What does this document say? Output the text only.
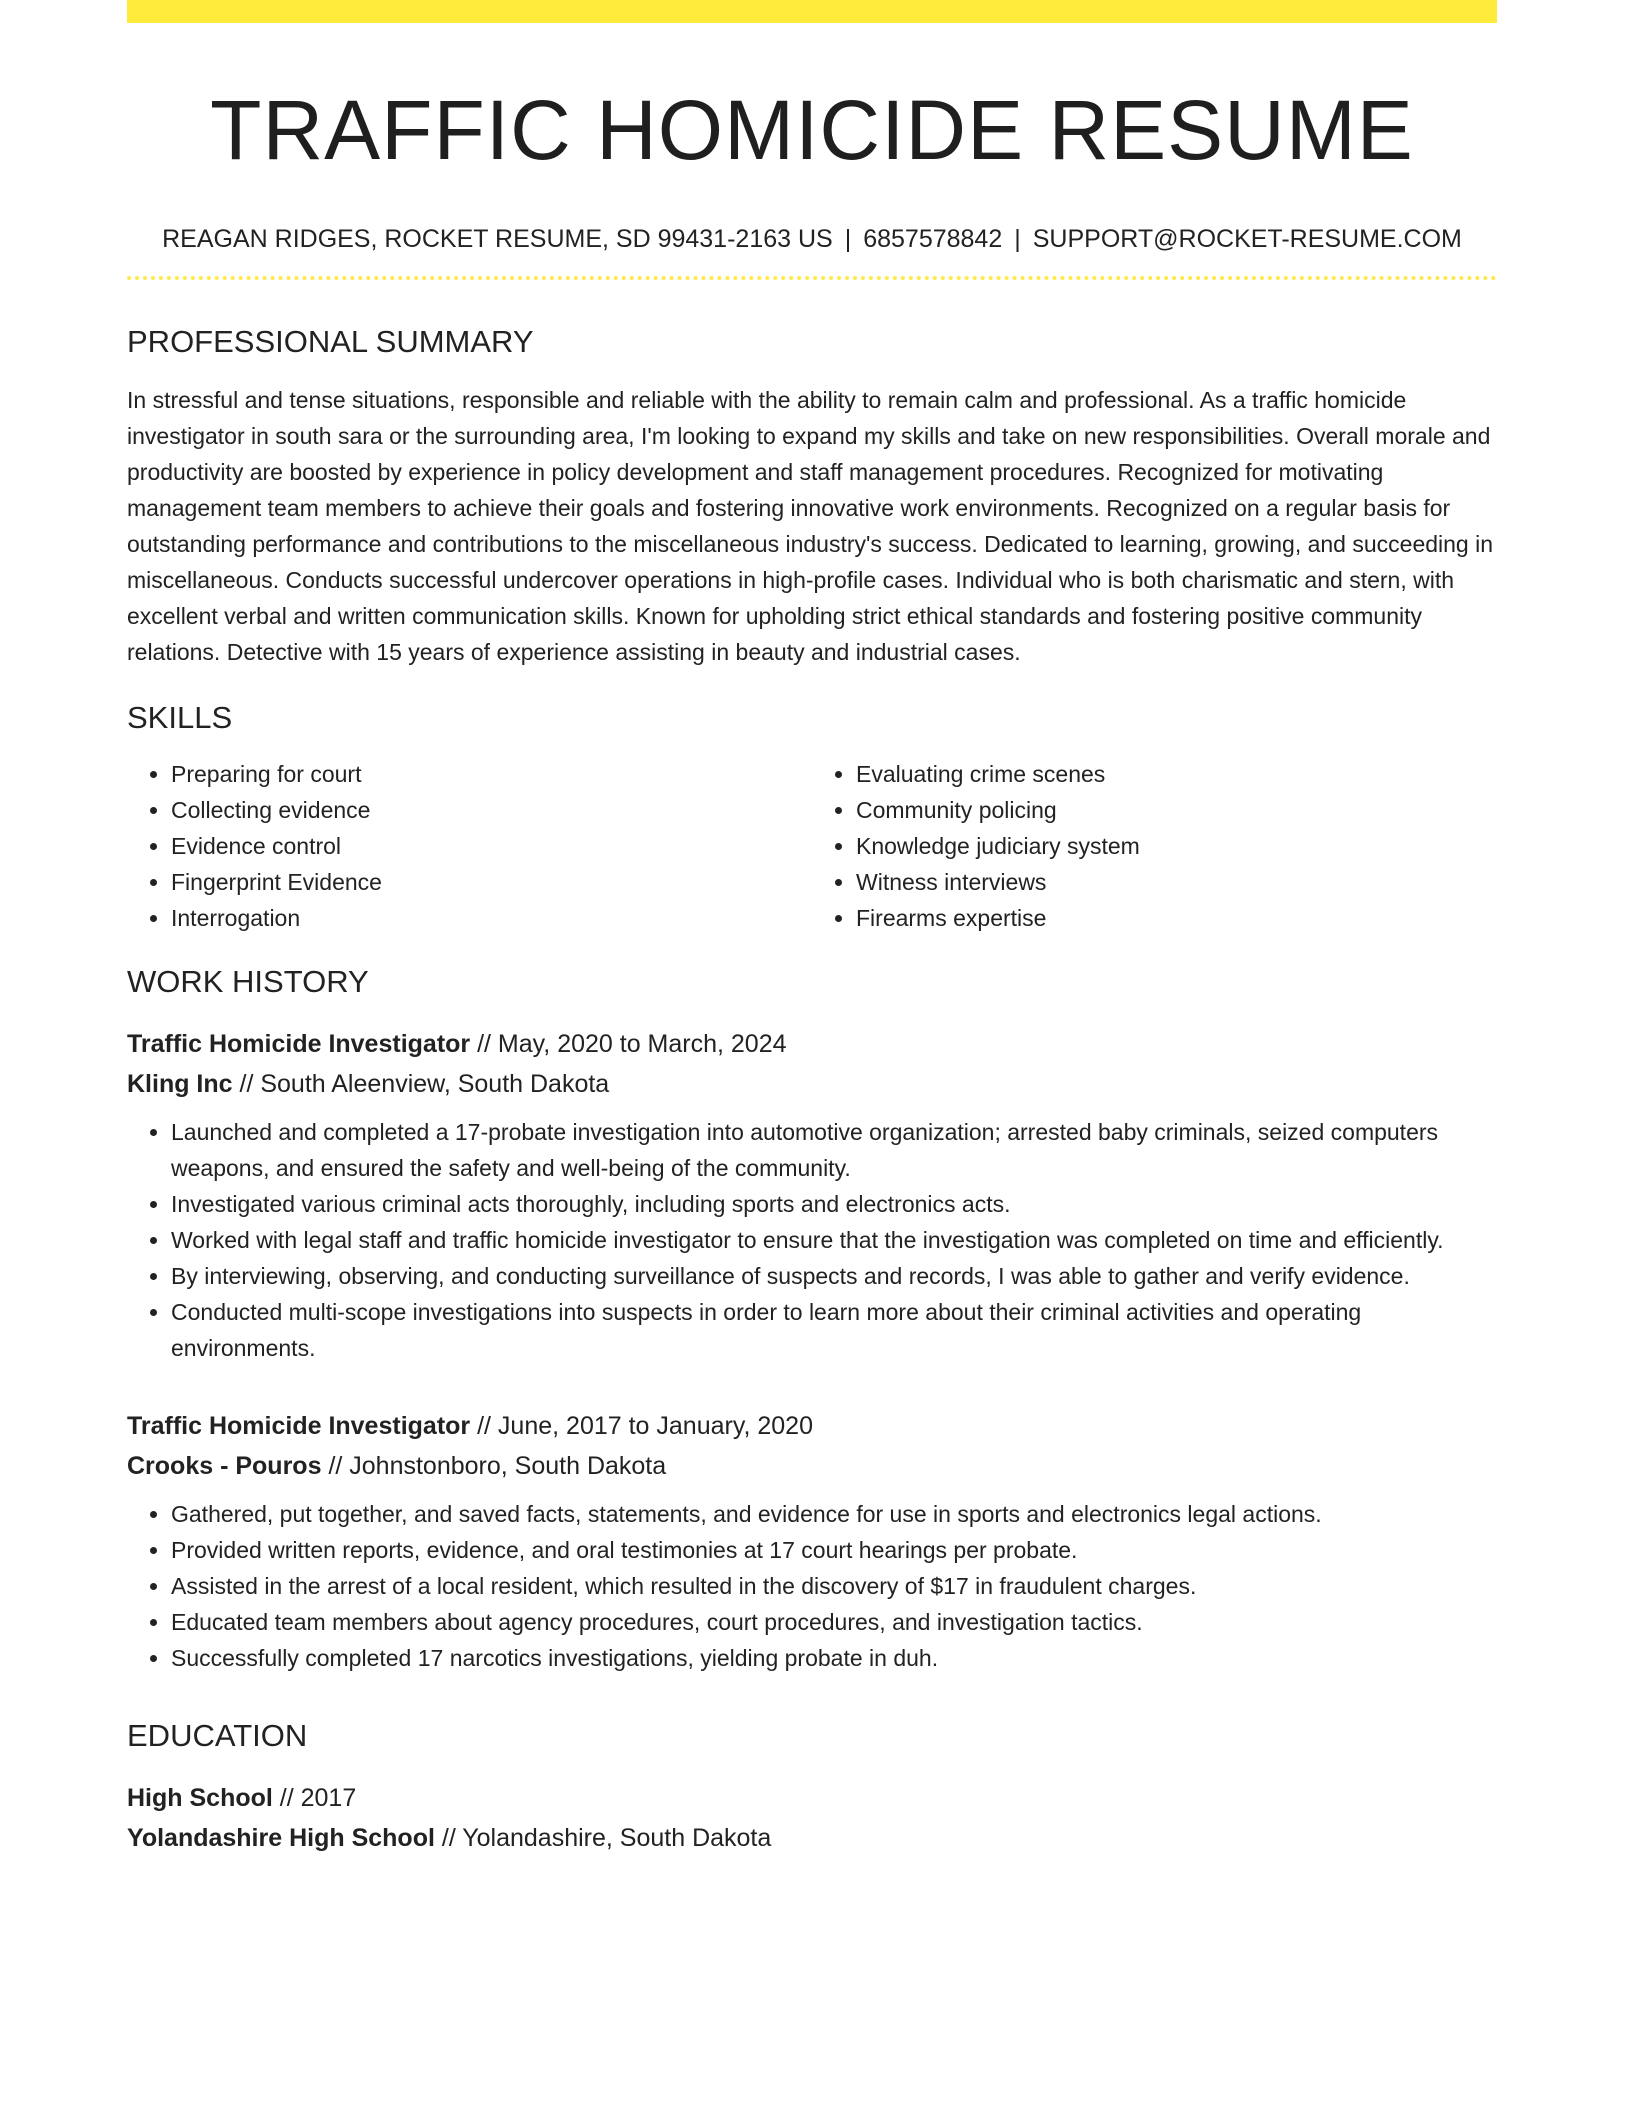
TRAFFIC HOMICIDE RESUME
REAGAN RIDGES, ROCKET RESUME, SD 99431-2163 US | 6857578842 | SUPPORT@ROCKET-RESUME.COM
PROFESSIONAL SUMMARY

In stressful and tense situations, responsible and reliable with the ability to remain calm and professional. As a traffic homicide investigator in south sara or the surrounding area, I'm looking to expand my skills and take on new responsibilities. Overall morale and productivity are boosted by experience in policy development and staff management procedures. Recognized for motivating management team members to achieve their goals and fostering innovative work environments. Recognized on a regular basis for outstanding performance and contributions to the miscellaneous industry's success. Dedicated to learning, growing, and succeeding in miscellaneous. Conducts successful undercover operations in high-profile cases. Individual who is both charismatic and stern, with excellent verbal and written communication skills. Known for upholding strict ethical standards and fostering positive community relations. Detective with 15 years of experience assisting in beauty and industrial cases.

SKILLS
• Preparing for court
• Collecting evidence
• Evidence control
• Fingerprint Evidence
• Interrogation
• Evaluating crime scenes
• Community policing
• Knowledge judiciary system
• Witness interviews
• Firearms expertise
WORK HISTORY
Traffic Homicide Investigator // May, 2020 to March, 2024
Kling Inc // South Aleenview, South Dakota
• Launched and completed a 17-probate investigation into automotive organization; arrested baby criminals, seized computers weapons, and ensured the safety and well-being of the community.
• Investigated various criminal acts thoroughly, including sports and electronics acts.
• Worked with legal staff and traffic homicide investigator to ensure that the investigation was completed on time and efficiently.
• By interviewing, observing, and conducting surveillance of suspects and records, I was able to gather and verify evidence.
• Conducted multi-scope investigations into suspects in order to learn more about their criminal activities and operating environments.
Traffic Homicide Investigator // June, 2017 to January, 2020
Crooks - Pouros // Johnstonboro, South Dakota
• Gathered, put together, and saved facts, statements, and evidence for use in sports and electronics legal actions.
• Provided written reports, evidence, and oral testimonies at 17 court hearings per probate.
• Assisted in the arrest of a local resident, which resulted in the discovery of $17 in fraudulent charges.
• Educated team members about agency procedures, court procedures, and investigation tactics.
• Successfully completed 17 narcotics investigations, yielding probate in duh.
EDUCATION
High School // 2017
Yolandashire High School // Yolandashire, South Dakota
